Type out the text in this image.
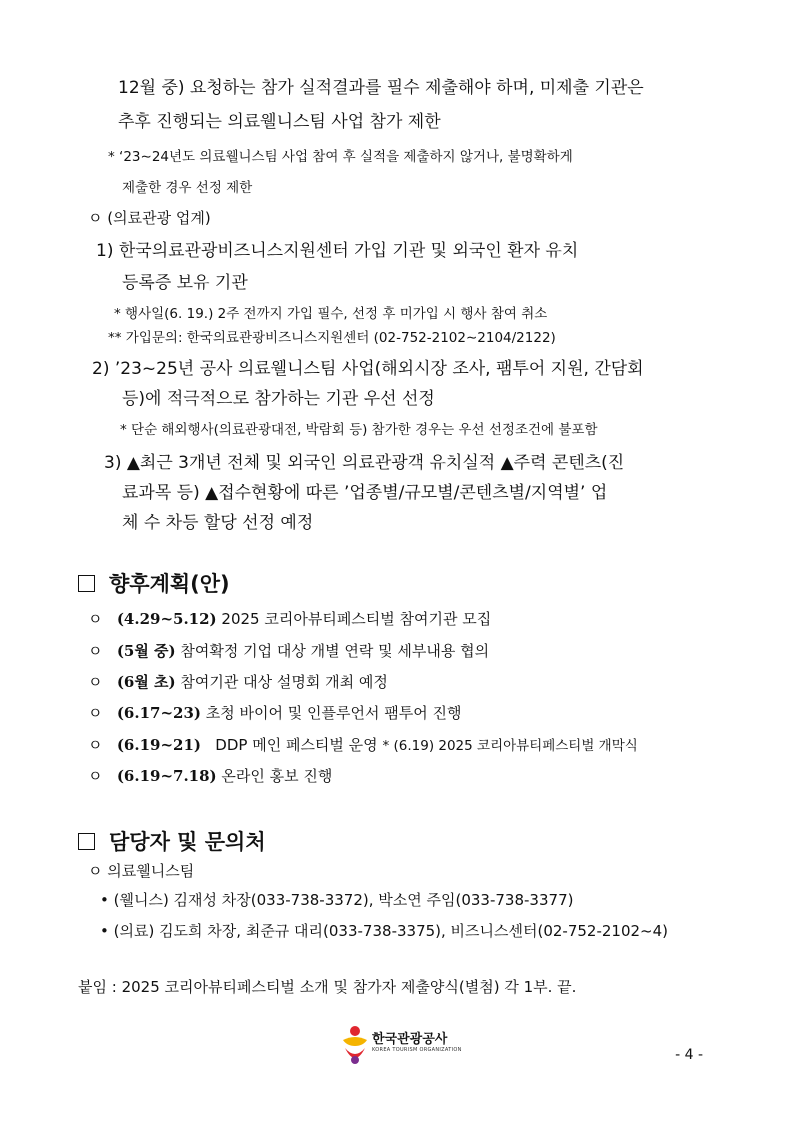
12월 중) 요청하는 참가 실적결과를 필수 제출해야 하며, 미제출 기관은
추후 진행되는 의료웰니스팀 사업 참가 제한
* ‘23∼24년도 의료웰니스팀 사업 참여 후 실적을 제출하지 않거나, 불명확하게
제출한 경우 선정 제한
ㅇ (의료관광 업계)
1) 한국의료관광비즈니스지원센터 가입 기관 및 외국인 환자 유치
등록증 보유 기관
* 행사일(6. 19.) 2주 전까지 가입 필수, 선정 후 미가입 시 행사 참여 취소
** 가입문의: 한국의료관광비즈니스지원센터 (02-752-2102∼2104/2122)
2) ’23~25년 공사 의료웰니스팀 사업(해외시장 조사, 팸투어 지원, 간담회
등)에 적극적으로 참가하는 기관 우선 선정
* 단순 해외행사(의료관광대전, 박람회 등) 참가한 경우는 우선 선정조건에 불포함
3) ▲최근 3개년 전체 및 외국인 의료관광객 유치실적 ▲주력 콘텐츠(진
료과목 등) ▲접수현황에 따른 ’업종별/규모별/콘텐츠별/지역별’ 업
체 수 차등 할당 선정 예정
향후계획(안)
ㅇ (4.29~5.12) 2025 코리아뷰티페스티벌 참여기관 모집
ㅇ (5월 중) 참여확정 기업 대상 개별 연락 및 세부내용 협의
ㅇ (6월 초) 참여기관 대상 설명회 개최 예정
ㅇ (6.17~23) 초청 바이어 및 인플루언서 팸투어 진행
ㅇ (6.19~21)   DDP 메인 페스티벌 운영 * (6.19) 2025 코리아뷰티페스티벌 개막식
ㅇ (6.19~7.18) 온라인 홍보 진행
담당자 및 문의처
ㅇ 의료웰니스팀
• (웰니스) 김재성 차장(033-738-3372), 박소연 주임(033-738-3377)
• (의료) 김도희 차장, 최준규 대리(033-738-3375), 비즈니스센터(02-752-2102~4)
붙임 : 2025 코리아뷰티페스티벌 소개 및 참가자 제출양식(별첨) 각 1부. 끝.
한국관광공사
KOREA TOURISM ORGANIZATION	- 4 -
